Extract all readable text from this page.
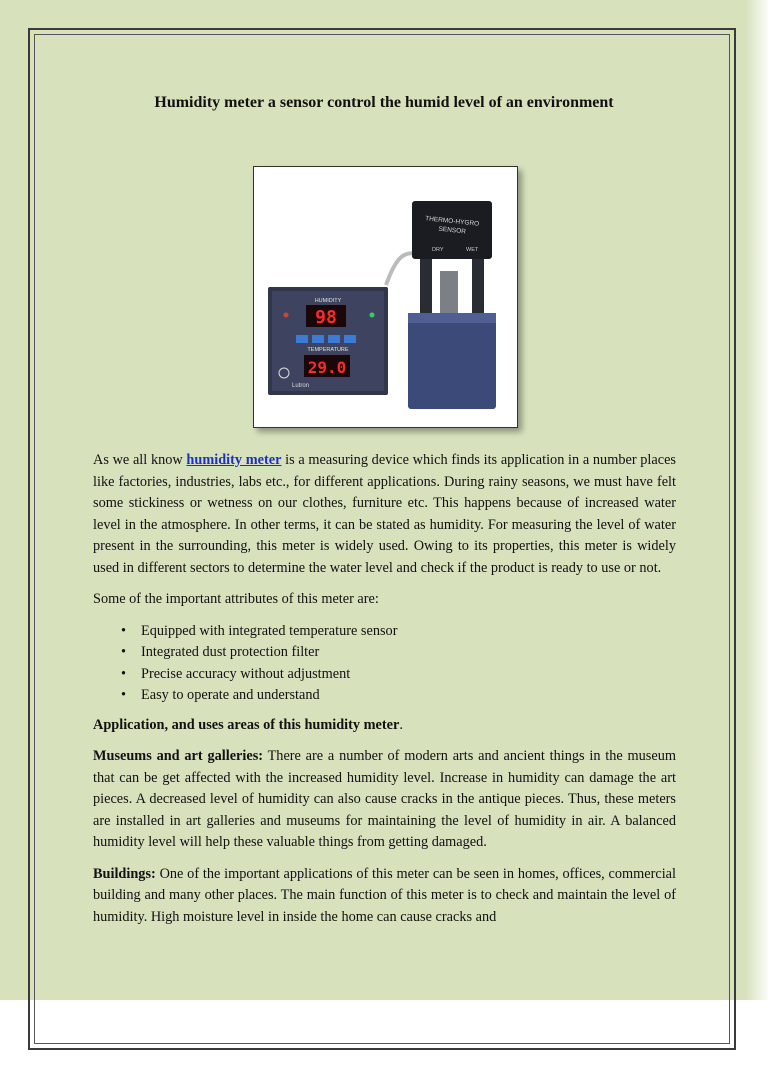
Humidity meter a sensor control the humid level of an environment
THERMO-HYGRO
SENSOR
DRY	WET
HUMIDITY
98
TEMPERATURE
29.0
Lutron

As we all know humidity meter is a measuring device which finds its application in a number places like factories, industries, labs etc., for different applications. During rainy seasons, we must have felt some stickiness or wetness on our clothes, furniture etc. This happens because of increased water level in the atmosphere. In other terms, it can be stated as humidity. For measuring the level of water present in the surrounding, this meter is widely used. Owing to its properties, this meter is widely used in different sectors to determine the water level and check if the product is ready to use or not.

Some of the important attributes of this meter are:

• Equipped with integrated temperature sensor
• Integrated dust protection filter
• Precise accuracy without adjustment
• Easy to operate and understand

Application, and uses areas of this humidity meter.

Museums and art galleries: There are a number of modern arts and ancient things in the museum that can be get affected with the increased humidity level. Increase in humidity can damage the art pieces. A decreased level of humidity can also cause cracks in the antique pieces. Thus, these meters are installed in art galleries and museums for maintaining the level of humidity in air. A balanced humidity level will help these valuable things from getting damaged.

Buildings: One of the important applications of this meter can be seen in homes, offices, commercial building and many other places. The main function of this meter is to check and maintain the level of humidity. High moisture level in inside the home can cause cracks and
